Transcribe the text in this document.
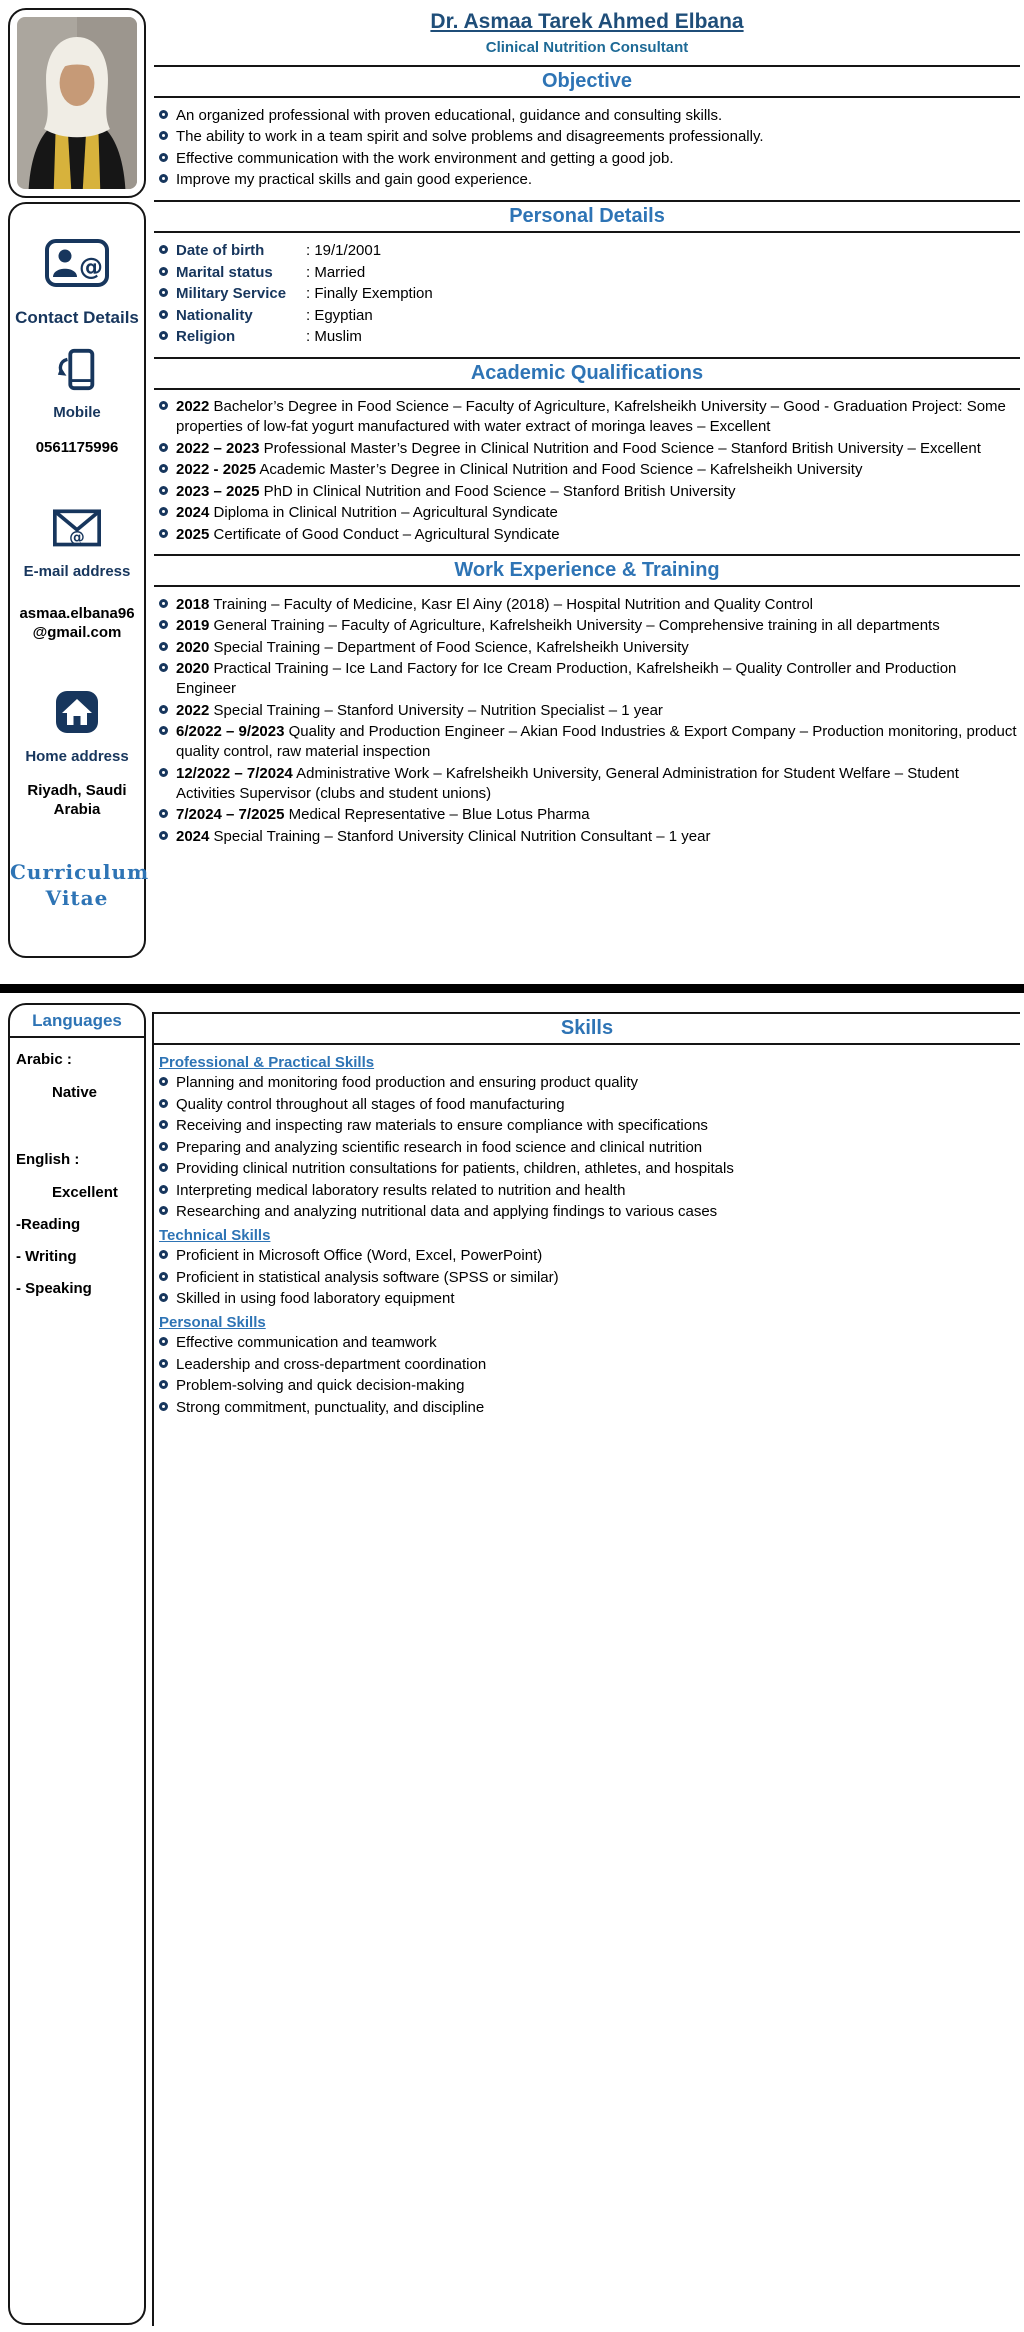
@
Contact Details
Mobile
0561175996
@
E-mail address
asmaa.elbana96 @gmail.com
Home address
Riyadh, Saudi Arabia
Curriculum Vitae
Dr. Asmaa Tarek Ahmed Elbana
Clinical Nutrition Consultant
Objective
An organized professional with proven educational, guidance and consulting skills.
The ability to work in a team spirit and solve problems and disagreements professionally.
Effective communication with the work environment and getting a good job.
Improve my practical skills and gain good experience.
Personal Details
Date of birth	: 19/1/2001
Marital status	: Married
Military Service	: Finally Exemption
Nationality	: Egyptian
Religion	: Muslim
Academic Qualifications
2022 Bachelor’s Degree in Food Science – Faculty of Agriculture, Kafrelsheikh University – Good - Graduation Project: Some properties of low-fat yogurt manufactured with water extract of moringa leaves – Excellent
2022 – 2023 Professional Master’s Degree in Clinical Nutrition and Food Science – Stanford British University – Excellent
2022 - 2025 Academic Master’s Degree in Clinical Nutrition and Food Science – Kafrelsheikh University
2023 – 2025 PhD in Clinical Nutrition and Food Science – Stanford British University
2024 Diploma in Clinical Nutrition – Agricultural Syndicate
2025 Certificate of Good Conduct – Agricultural Syndicate
Work Experience & Training
2018 Training – Faculty of Medicine, Kasr El Ainy (2018) – Hospital Nutrition and Quality Control
2019 General Training – Faculty of Agriculture, Kafrelsheikh University – Comprehensive training in all departments
2020 Special Training – Department of Food Science, Kafrelsheikh University
2020 Practical Training – Ice Land Factory for Ice Cream Production, Kafrelsheikh – Quality Controller and Production Engineer
2022 Special Training – Stanford University – Nutrition Specialist – 1 year
6/2022 – 9/2023 Quality and Production Engineer – Akian Food Industries & Export Company – Production monitoring, product quality control, raw material inspection
12/2022 – 7/2024 Administrative Work – Kafrelsheikh University, General Administration for Student Welfare – Student Activities Supervisor (clubs and student unions)
7/2024 – 7/2025 Medical Representative – Blue Lotus Pharma
2024 Special Training – Stanford University Clinical Nutrition Consultant – 1 year
Languages
Arabic :
Native
English :
Excellent
-Reading
- Writing
- Speaking
Skills
Professional & Practical Skills
Planning and monitoring food production and ensuring product quality
Quality control throughout all stages of food manufacturing
Receiving and inspecting raw materials to ensure compliance with specifications
Preparing and analyzing scientific research in food science and clinical nutrition
Providing clinical nutrition consultations for patients, children, athletes, and hospitals
Interpreting medical laboratory results related to nutrition and health
Researching and analyzing nutritional data and applying findings to various cases
Technical Skills
Proficient in Microsoft Office (Word, Excel, PowerPoint)
Proficient in statistical analysis software (SPSS or similar)
Skilled in using food laboratory equipment
Personal Skills
Effective communication and teamwork
Leadership and cross-department coordination
Problem-solving and quick decision-making
Strong commitment, punctuality, and discipline
